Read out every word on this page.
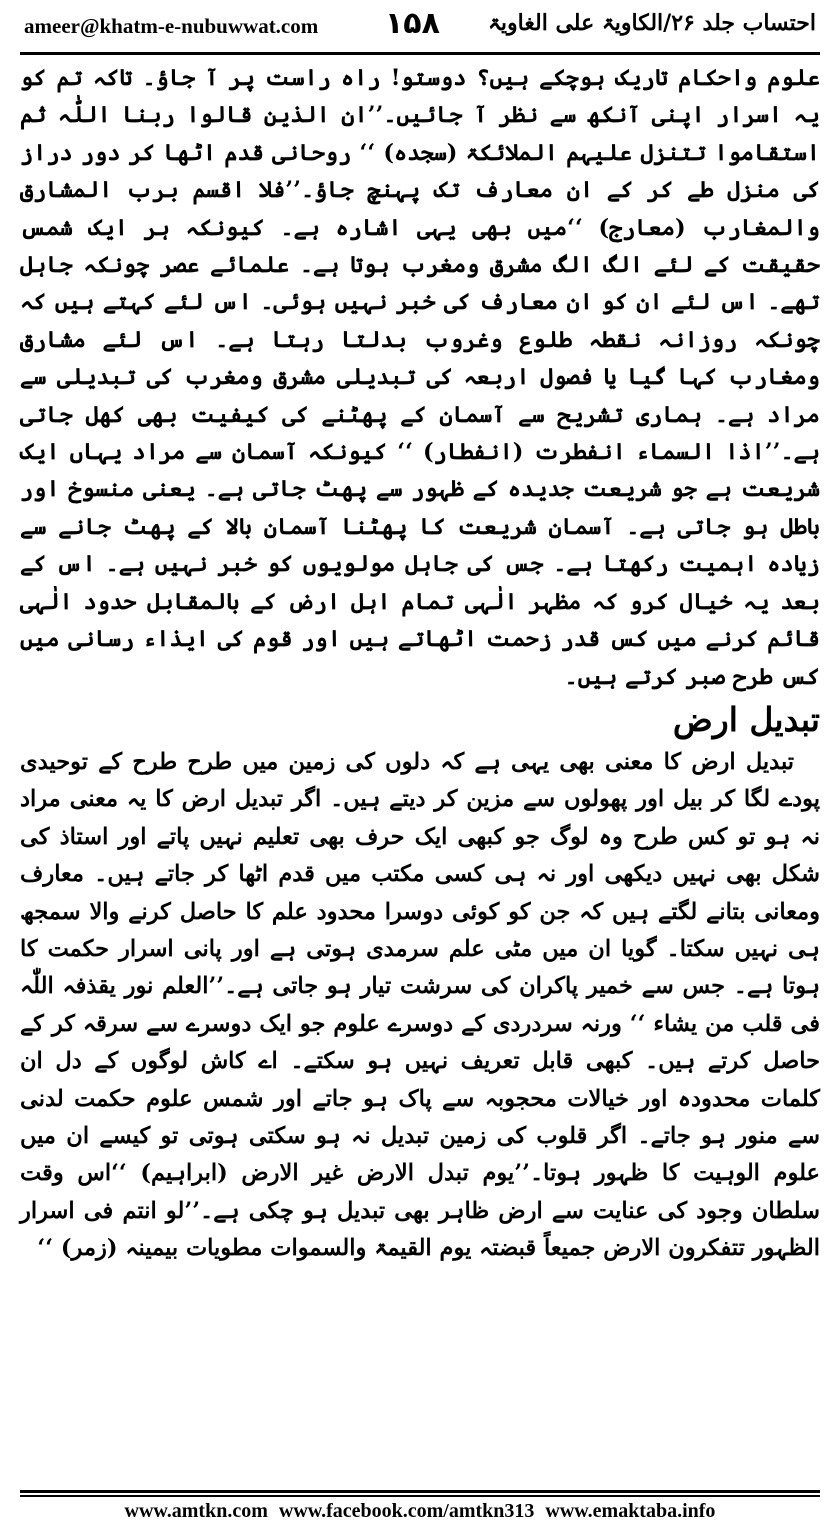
ameer@khatm-e-nubuwwat.com ۱۵۸ احتساب جلد ۲۶/الکاویۃ علی الغاویۃ

علوم واحکام تاریک ہوچکے ہیں؟ دوستو! راہ راست پر آ جاؤ۔ تاکہ تم کو یہ اسرار اپنی آنکھ سے نظر آ جائیں۔’’ان الذین قالوا ربنا اللّٰہ ثم استقاموا تتنزل علیہم الملائکۃ (سجدہ) ‘‘ روحانی قدم اٹھا کر دور دراز کی منزل طے کر کے ان معارف تک پہنچ جاؤ۔’’فلا اقسم برب المشارق والمغارب (معارج) ‘‘میں بھی یہی اشارہ ہے۔ کیونکہ ہر ایک شمس حقیقت کے لئے الگ الگ مشرق ومغرب ہوتا ہے۔ علمائے عصر چونکہ جاہل تھے۔ اس لئے ان کو ان معارف کی خبر نہیں ہوئی۔ اس لئے کہتے ہیں کہ چونکہ روزانہ نقطہ طلوع وغروب بدلتا رہتا ہے۔ اس لئے مشارق ومغارب کہا گیا یا فصول اربعہ کی تبدیلی مشرق ومغرب کی تبدیلی سے مراد ہے۔ ہماری تشریح سے آسمان کے پھٹنے کی کیفیت بھی کھل جاتی ہے۔’’اذا السماء انفطرت (انفطار) ‘‘ کیونکہ آسمان سے مراد یہاں ایک شریعت ہے جو شریعت جدیدہ کے ظہور سے پھٹ جاتی ہے۔ یعنی منسوخ اور باطل ہو جاتی ہے۔ آسمان شریعت کا پھٹنا آسمان بالا کے پھٹ جانے سے زیادہ اہمیت رکھتا ہے۔ جس کی جاہل مولویوں کو خبر نہیں ہے۔ اس کے بعد یہ خیال کرو کہ مظہر الٰہی تمام اہل ارض کے بالمقابل حدود الٰہی قائم کرنے میں کس قدر زحمت اٹھاتے ہیں اور قوم کی ایذاء رسانی میں کس طرح صبر کرتے ہیں۔

تبدیل ارض

تبدیل ارض کا معنی بھی یہی ہے کہ دلوں کی زمین میں طرح طرح کے توحیدی پودے لگا کر بیل اور پھولوں سے مزین کر دیتے ہیں۔ اگر تبدیل ارض کا یہ معنی مراد نہ ہو تو کس طرح وہ لوگ جو کبھی ایک حرف بھی تعلیم نہیں پاتے اور استاذ کی شکل بھی نہیں دیکھی اور نہ ہی کسی مکتب میں قدم اٹھا کر جاتے ہیں۔ معارف ومعانی بتانے لگتے ہیں کہ جن کو کوئی دوسرا محدود علم کا حاصل کرنے والا سمجھ ہی نہیں سکتا۔ گویا ان میں مٹی علم سرمدی ہوتی ہے اور پانی اسرار حکمت کا ہوتا ہے۔ جس سے خمیر پاکران کی سرشت تیار ہو جاتی ہے۔’’العلم نور یقذفہ اللّٰہ فی قلب من یشاء ‘‘ ورنہ سردردی کے دوسرے علوم جو ایک دوسرے سے سرقہ کر کے حاصل کرتے ہیں۔ کبھی قابل تعریف نہیں ہو سکتے۔ اے کاش لوگوں کے دل ان کلمات محدودہ اور خیالات محجوبہ سے پاک ہو جاتے اور شمس علوم حکمت لدنی سے منور ہو جاتے۔ اگر قلوب کی زمین تبدیل نہ ہو سکتی ہوتی تو کیسے ان میں علوم الوہیت کا ظہور ہوتا۔’’یوم تبدل الارض غیر الارض (ابراہیم) ‘‘اس وقت سلطان وجود کی عنایت سے ارض ظاہر بھی تبدیل ہو چکی ہے۔’’لو انتم فی اسرار الظہور تتفکرون الارض جمیعاً قبضتہ یوم القیمۃ والسموات مطویات بیمینہ (زمر) ‘‘

www.amtkn.com www.facebook.com/amtkn313 www.emaktaba.info
